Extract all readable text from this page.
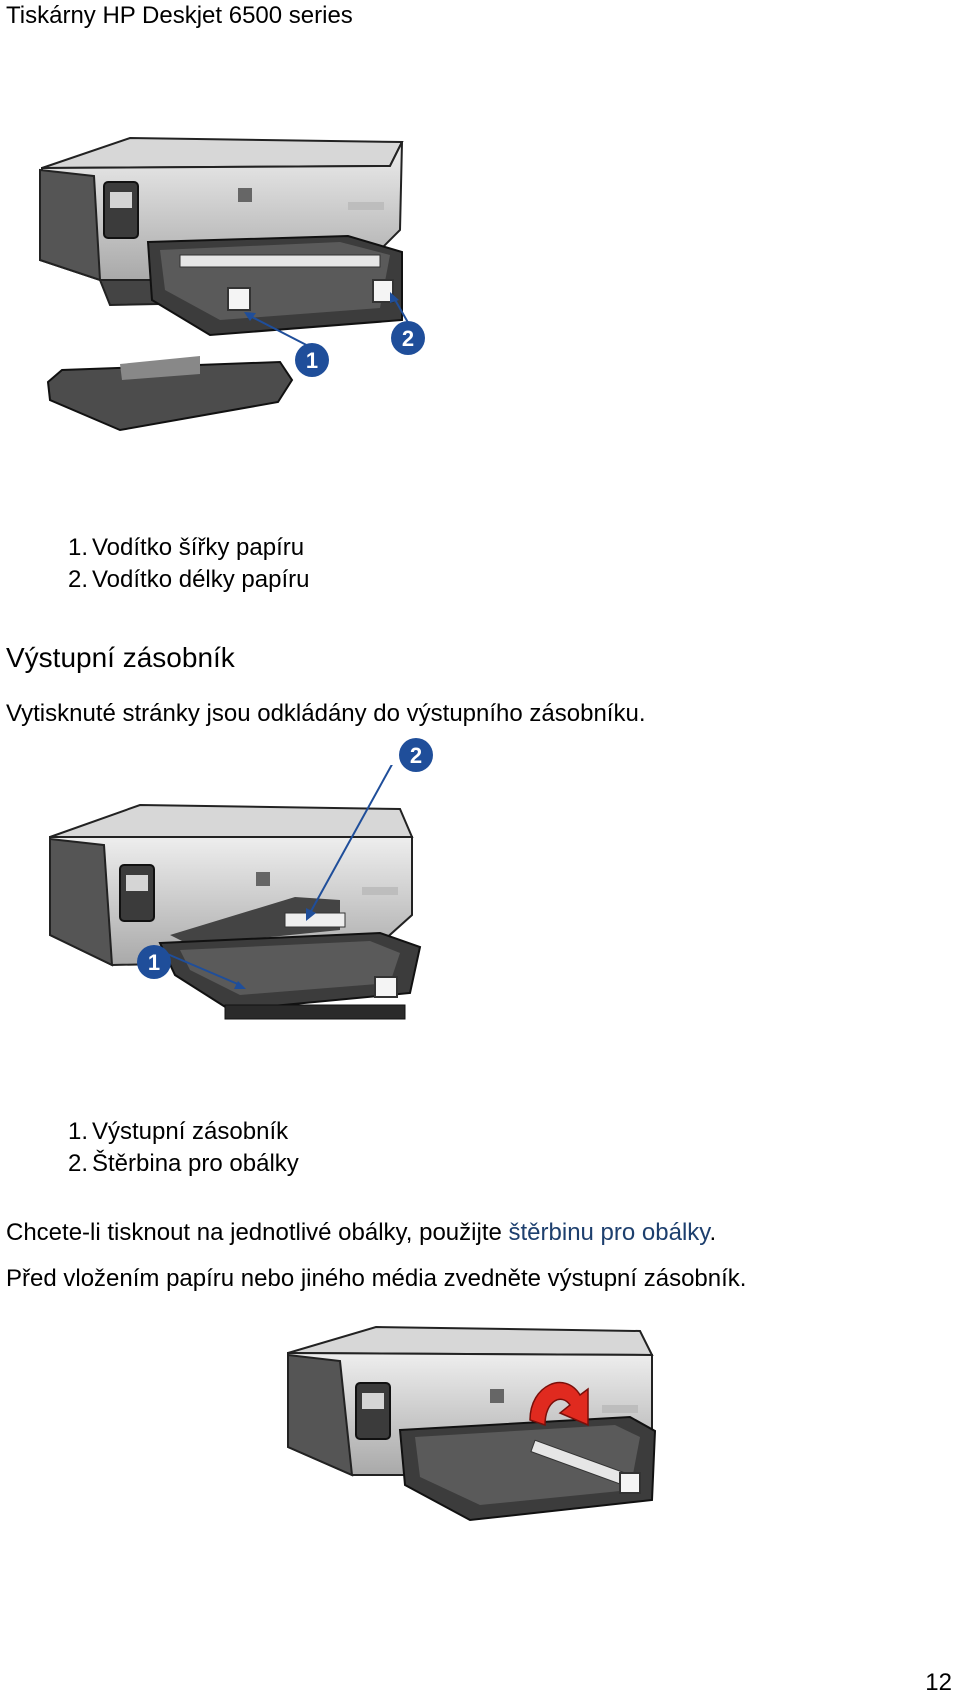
Tiskárny HP Deskjet 6500 series
1
2
1. Vodítko šířky papíru
2. Vodítko délky papíru
Výstupní zásobník
Vytisknuté stránky jsou odkládány do výstupního zásobníku.
1
2
1. Výstupní zásobník
2. Štěrbina pro obálky
Chcete-li tisknout na jednotlivé obálky, použijte štěrbinu pro obálky.
Před vložením papíru nebo jiného média zvedněte výstupní zásobník.
12
